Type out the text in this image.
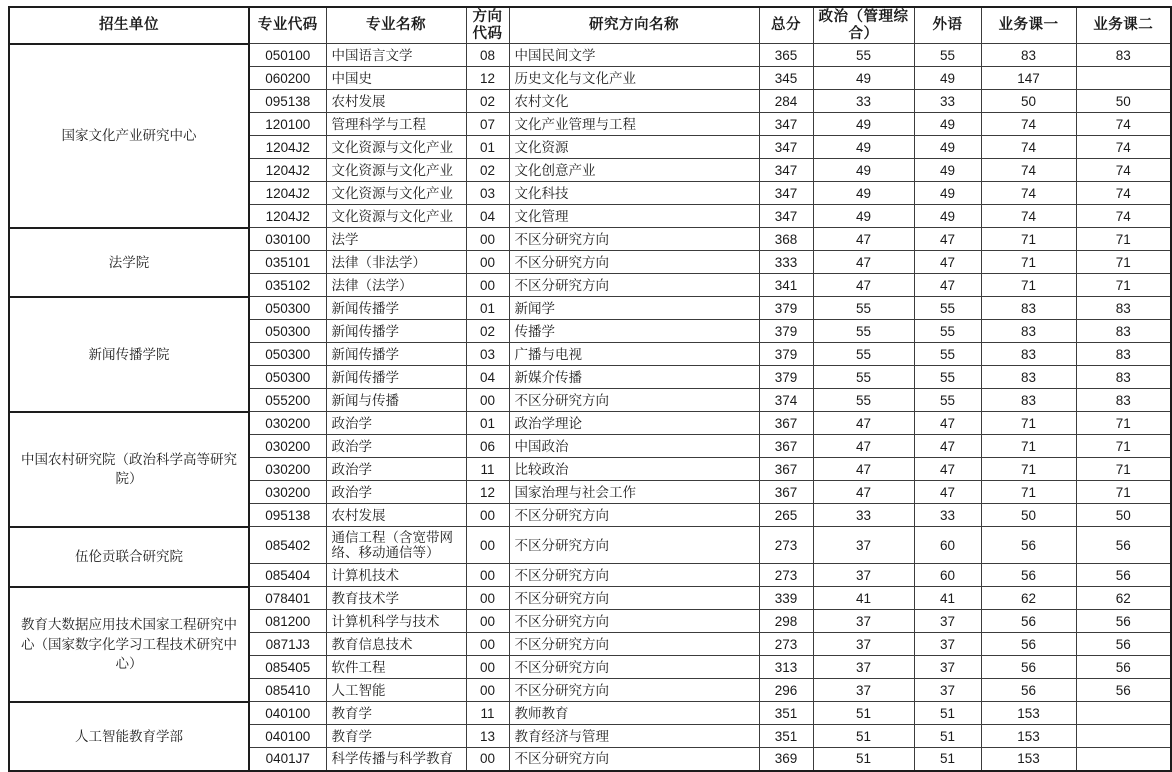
招生单位	专业代码	专业名称	方向代码	研究方向名称	总分	政治（管理综合）	外语	业务课一	业务课二
国家文化产业研究中心	050100	中国语言文学	08	中国民间文学	365	55	55	83	83
	060200	中国史	12	历史文化与文化产业	345	49	49	147	
	095138	农村发展	02	农村文化	284	33	33	50	50
	120100	管理科学与工程	07	文化产业管理与工程	347	49	49	74	74
	1204J2	文化资源与文化产业	01	文化资源	347	49	49	74	74
	1204J2	文化资源与文化产业	02	文化创意产业	347	49	49	74	74
	1204J2	文化资源与文化产业	03	文化科技	347	49	49	74	74
	1204J2	文化资源与文化产业	04	文化管理	347	49	49	74	74
法学院	030100	法学	00	不区分研究方向	368	47	47	71	71
	035101	法律（非法学）	00	不区分研究方向	333	47	47	71	71
	035102	法律（法学）	00	不区分研究方向	341	47	47	71	71
新闻传播学院	050300	新闻传播学	01	新闻学	379	55	55	83	83
	050300	新闻传播学	02	传播学	379	55	55	83	83
	050300	新闻传播学	03	广播与电视	379	55	55	83	83
	050300	新闻传播学	04	新媒介传播	379	55	55	83	83
	055200	新闻与传播	00	不区分研究方向	374	55	55	83	83
中国农村研究院（政治科学高等研究院）	030200	政治学	01	政治学理论	367	47	47	71	71
	030200	政治学	06	中国政治	367	47	47	71	71
	030200	政治学	11	比较政治	367	47	47	71	71
	030200	政治学	12	国家治理与社会工作	367	47	47	71	71
	095138	农村发展	00	不区分研究方向	265	33	33	50	50
伍伦贡联合研究院	085402	通信工程（含宽带网络、移动通信等）	00	不区分研究方向	273	37	60	56	56
	085404	计算机技术	00	不区分研究方向	273	37	60	56	56
教育大数据应用技术国家工程研究中心（国家数字化学习工程技术研究中心）	078401	教育技术学	00	不区分研究方向	339	41	41	62	62
	081200	计算机科学与技术	00	不区分研究方向	298	37	37	56	56
	0871J3	教育信息技术	00	不区分研究方向	273	37	37	56	56
	085405	软件工程	00	不区分研究方向	313	37	37	56	56
	085410	人工智能	00	不区分研究方向	296	37	37	56	56
人工智能教育学部	040100	教育学	11	教师教育	351	51	51	153	
	040100	教育学	13	教育经济与管理	351	51	51	153	
	0401J7	科学传播与科学教育	00	不区分研究方向	369	51	51	153	
